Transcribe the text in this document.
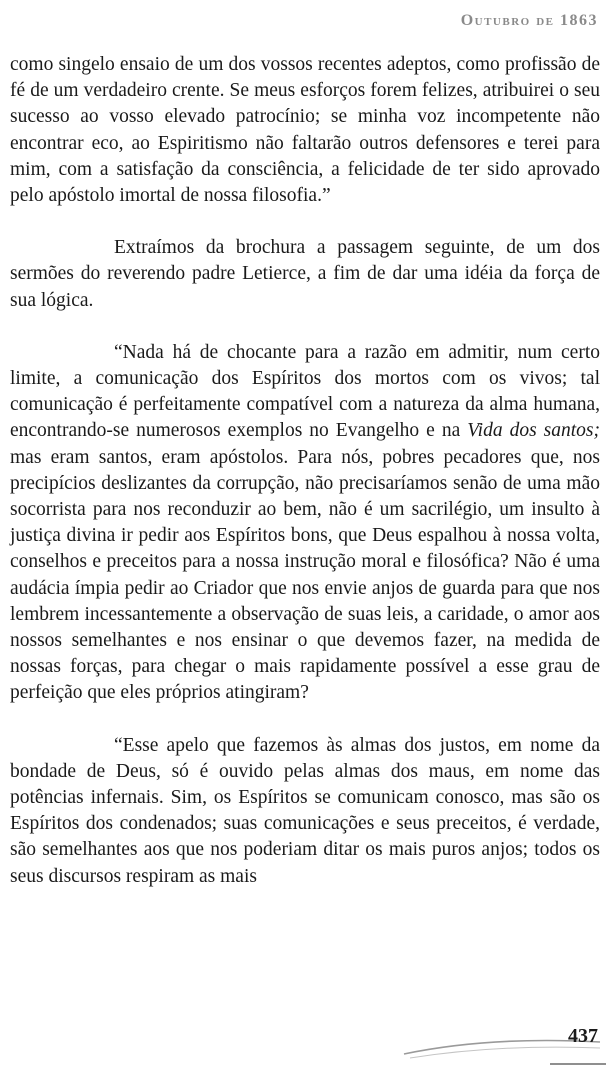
Outubro de 1863

como singelo ensaio de um dos vossos recentes adeptos, como profissão de fé de um verdadeiro crente. Se meus esforços forem felizes, atribuirei o seu sucesso ao vosso elevado patrocínio; se minha voz incompetente não encontrar eco, ao Espiritismo não faltarão outros defensores e terei para mim, com a satisfação da consciência, a felicidade de ter sido aprovado pelo apóstolo imortal de nossa filosofia.”

Extraímos da brochura a passagem seguinte, de um dos sermões do reverendo padre Letierce, a fim de dar uma idéia da força de sua lógica.

“Nada há de chocante para a razão em admitir, num certo limite, a comunicação dos Espíritos dos mortos com os vivos; tal comunicação é perfeitamente compatível com a natureza da alma humana, encontrando-se numerosos exemplos no Evangelho e na Vida dos santos; mas eram santos, eram apóstolos. Para nós, pobres pecadores que, nos precipícios deslizantes da corrupção, não precisaríamos senão de uma mão socorrista para nos reconduzir ao bem, não é um sacrilégio, um insulto à justiça divina ir pedir aos Espíritos bons, que Deus espalhou à nossa volta, conselhos e preceitos para a nossa instrução moral e filosófica? Não é uma audácia ímpia pedir ao Criador que nos envie anjos de guarda para que nos lembrem incessantemente a observação de suas leis, a caridade, o amor aos nossos semelhantes e nos ensinar o que devemos fazer, na medida de nossas forças, para chegar o mais rapidamente possível a esse grau de perfeição que eles próprios atingiram?

“Esse apelo que fazemos às almas dos justos, em nome da bondade de Deus, só é ouvido pelas almas dos maus, em nome das potências infernais. Sim, os Espíritos se comunicam conosco, mas são os Espíritos dos condenados; suas comunicações e seus preceitos, é verdade, são semelhantes aos que nos poderiam ditar os mais puros anjos; todos os seus discursos respiram as mais

437
